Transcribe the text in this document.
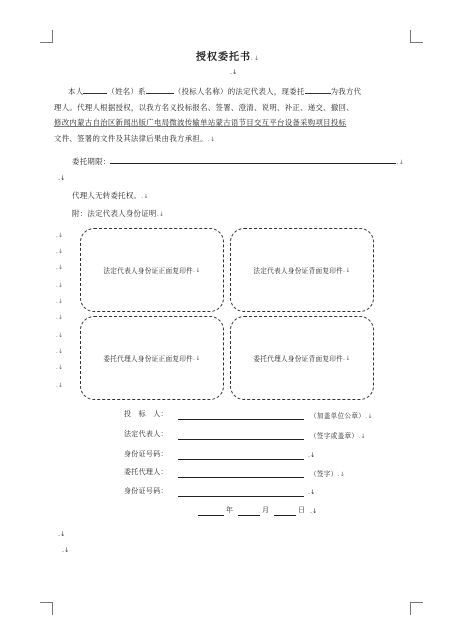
授权委托书.↓
.↓
本人	（姓名）系	（投标人名称）的法定代表人，现委托	为我方代
理人。代理人根据授权，以我方名义投标报名、签署、澄清、说明、补正、递交、撤回、
修改内蒙古自治区新闻出版广电局微波传输单站蒙古语节目交互平台设备采购项目投标
文件、签署的文件及其法律后果由我方承担。.↓
委托期限：	.↓
.↓
代理人无转委托权。.↓
附：法定代表人身份证明.↓
.↓
.↓
.↓
.↓
.↓
.↓
.↓
.↓
.↓
.↓
法定代表人身份证正面复印件 .↓	法定代表人身份证背面复印件 .↓
委托代理人身份证正面复印件 .↓	委托代理人身份证背面复印件 .↓
投　标　人：	（加盖单位公章）.↓
法定代表人：	（签字或盖章）.↓
身份证号码：	.↓
委托代理人：	（签字）.↓
身份证号码：	.↓
年	月	日 .↓
.↓
.↓
